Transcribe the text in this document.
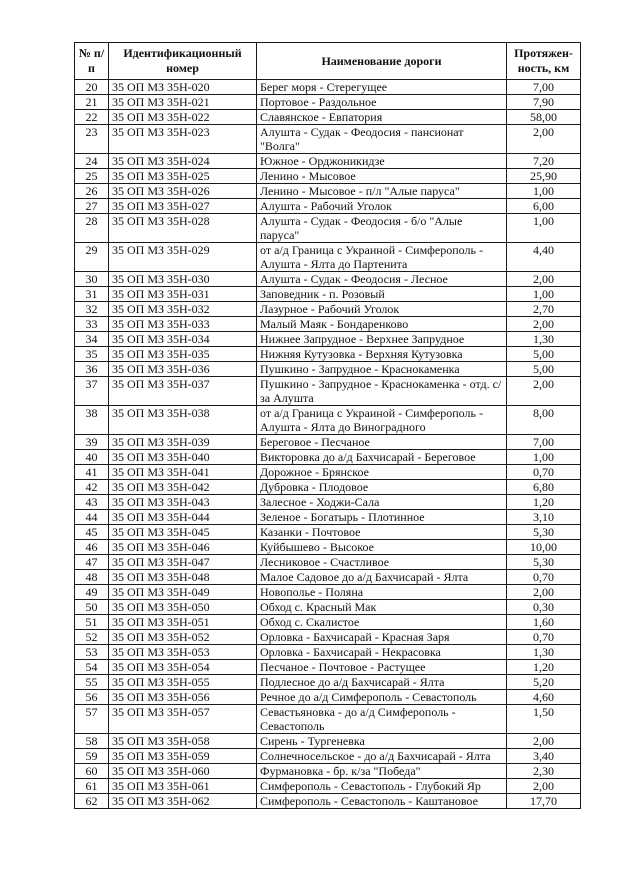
№ п/п	Идентификационный номер	Наименование дороги	Протяжен-ность, км
20	35 ОП МЗ 35Н-020	Берег моря - Стерегущее	7,00
21	35 ОП МЗ 35Н-021	Портовое - Раздольное	7,90
22	35 ОП МЗ 35Н-022	Славянское - Евпатория	58,00
23	35 ОП МЗ 35Н-023	Алушта - Судак - Феодосия - пансионат "Волга"	2,00
24	35 ОП МЗ 35Н-024	Южное - Орджоникидзе	7,20
25	35 ОП МЗ 35Н-025	Ленино - Мысовое	25,90
26	35 ОП МЗ 35Н-026	Ленино - Мысовое - п/л "Алые паруса"	1,00
27	35 ОП МЗ 35Н-027	Алушта - Рабочий Уголок	6,00
28	35 ОП МЗ 35Н-028	Алушта - Судак - Феодосия - б/о "Алые паруса"	1,00
29	35 ОП МЗ 35Н-029	от а/д Граница с Украиной - Симферополь - Алушта - Ялта до Партенита	4,40
30	35 ОП МЗ 35Н-030	Алушта - Судак - Феодосия - Лесное	2,00
31	35 ОП МЗ 35Н-031	Заповедник - п. Розовый	1,00
32	35 ОП МЗ 35Н-032	Лазурное - Рабочий Уголок	2,70
33	35 ОП МЗ 35Н-033	Малый Маяк - Бондаренково	2,00
34	35 ОП МЗ 35Н-034	Нижнее Запрудное - Верхнее Запрудное	1,30
35	35 ОП МЗ 35Н-035	Нижняя Кутузовка - Верхняя Кутузовка	5,00
36	35 ОП МЗ 35Н-036	Пушкино - Запрудное - Краснокаменка	5,00
37	35 ОП МЗ 35Н-037	Пушкино - Запрудное - Краснокаменка - отд. с/за Алушта	2,00
38	35 ОП МЗ 35Н-038	от а/д Граница с Украиной - Симферополь - Алушта - Ялта до Виноградного	8,00
39	35 ОП МЗ 35Н-039	Береговое - Песчаное	7,00
40	35 ОП МЗ 35Н-040	Викторовка до а/д Бахчисарай - Береговое	1,00
41	35 ОП МЗ 35Н-041	Дорожное - Брянское	0,70
42	35 ОП МЗ 35Н-042	Дубровка - Плодовое	6,80
43	35 ОП МЗ 35Н-043	Залесное - Ходжи-Сала	1,20
44	35 ОП МЗ 35Н-044	Зеленое - Богатырь - Плотинное	3,10
45	35 ОП МЗ 35Н-045	Казанки - Почтовое	5,30
46	35 ОП МЗ 35Н-046	Куйбышево - Высокое	10,00
47	35 ОП МЗ 35Н-047	Лесниковое - Счастливое	5,30
48	35 ОП МЗ 35Н-048	Малое Садовое до а/д Бахчисарай - Ялта	0,70
49	35 ОП МЗ 35Н-049	Новополье - Поляна	2,00
50	35 ОП МЗ 35Н-050	Обход с. Красный Мак	0,30
51	35 ОП МЗ 35Н-051	Обход с. Скалистое	1,60
52	35 ОП МЗ 35Н-052	Орловка - Бахчисарай - Красная Заря	0,70
53	35 ОП МЗ 35Н-053	Орловка - Бахчисарай - Некрасовка	1,30
54	35 ОП МЗ 35Н-054	Песчаное - Почтовое - Растущее	1,20
55	35 ОП МЗ 35Н-055	Подлесное до а/д Бахчисарай - Ялта	5,20
56	35 ОП МЗ 35Н-056	Речное до а/д Симферополь - Севастополь	4,60
57	35 ОП МЗ 35Н-057	Севастьяновка - до а/д Симферополь - Севастополь	1,50
58	35 ОП МЗ 35Н-058	Сирень - Тургеневка	2,00
59	35 ОП МЗ 35Н-059	Солнечносельское - до а/д Бахчисарай - Ялта	3,40
60	35 ОП МЗ 35Н-060	Фурмановка - бр. к/за "Победа"	2,30
61	35 ОП МЗ 35Н-061	Симферополь - Севастополь - Глубокий Яр	2,00
62	35 ОП МЗ 35Н-062	Симферополь - Севастополь - Каштановое	17,70
